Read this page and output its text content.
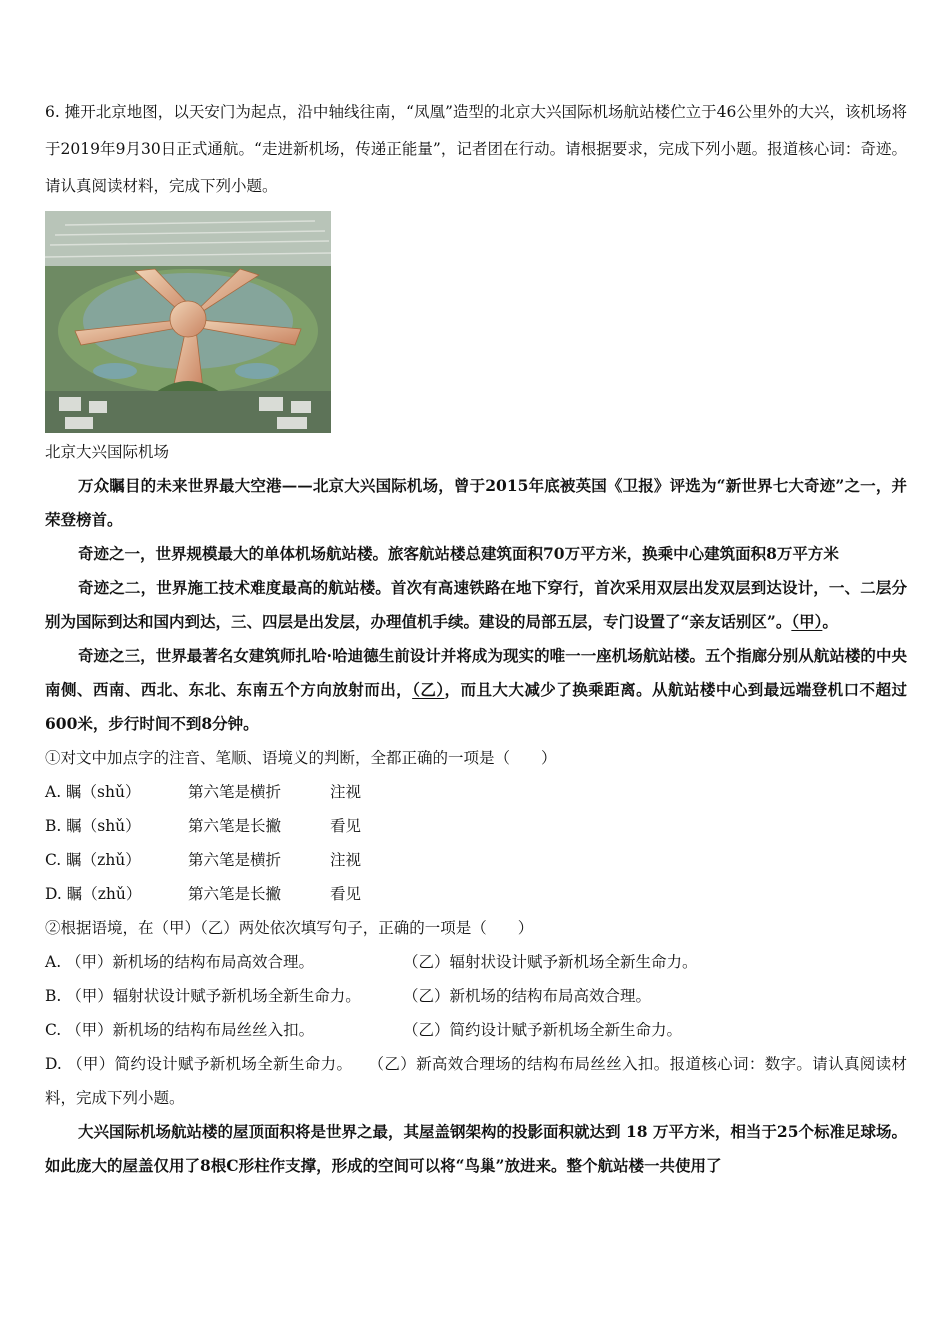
6. 摊开北京地图，以天安门为起点，沿中轴线往南，“凤凰”造型的北京大兴国际机场航站楼伫立于46公里外的大兴，该机场将于2019年9月30日正式通航。“走进新机场，传递正能量”，记者团在行动。请根据要求，完成下列小题。报道核心词：奇迹。请认真阅读材料，完成下列小题。

北京大兴国际机场

万众瞩目的未来世界最大空港——北京大兴国际机场，曾于2015年底被英国《卫报》评选为“新世界七大奇迹”之一，并荣登榜首。

奇迹之一，世界规模最大的单体机场航站楼。旅客航站楼总建筑面积70万平方米，换乘中心建筑面积8万平方米

奇迹之二，世界施工技术难度最高的航站楼。首次有高速铁路在地下穿行，首次采用双层出发双层到达设计，一、二层分别为国际到达和国内到达，三、四层是出发层，办理值机手续。建设的局部五层，专门设置了“亲友话别区”。（甲）。

奇迹之三，世界最著名女建筑师扎哈·哈迪德生前设计并将成为现实的唯一一座机场航站楼。五个指廊分别从航站楼的中央南侧、西南、西北、东北、东南五个方向放射而出，（乙），而且大大减少了换乘距离。从航站楼中心到最远端登机口不超过600米，步行时间不到8分钟。

①对文中加点字的注音、笔顺、语境义的判断，全都正确的一项是（　　）

A. 瞩（shǔ）	第六笔是横折	注视
B. 瞩（shǔ）	第六笔是长撇	看见
C. 瞩（zhǔ）	第六笔是横折	注视
D. 瞩（zhǔ）	第六笔是长撇	看见

②根据语境，在（甲）（乙）两处依次填写句子，正确的一项是（　　）

A. （甲）新机场的结构布局高效合理。	（乙）辐射状设计赋予新机场全新生命力。
B. （甲）辐射状设计赋予新机场全新生命力。	（乙）新机场的结构布局高效合理。
C. （甲）新机场的结构布局丝丝入扣。	（乙）简约设计赋予新机场全新生命力。

D. （甲）简约设计赋予新机场全新生命力。　　（乙）新高效合理场的结构布局丝丝入扣。报道核心词：数字。请认真阅读材料，完成下列小题。

大兴国际机场航站楼的屋顶面积将是世界之最，其屋盖钢架构的投影面积就达到 18 万平方米，相当于25个标准足球场。如此庞大的屋盖仅用了8根C形柱作支撑，形成的空间可以将“鸟巢”放进来。整个航站楼一共使用了
